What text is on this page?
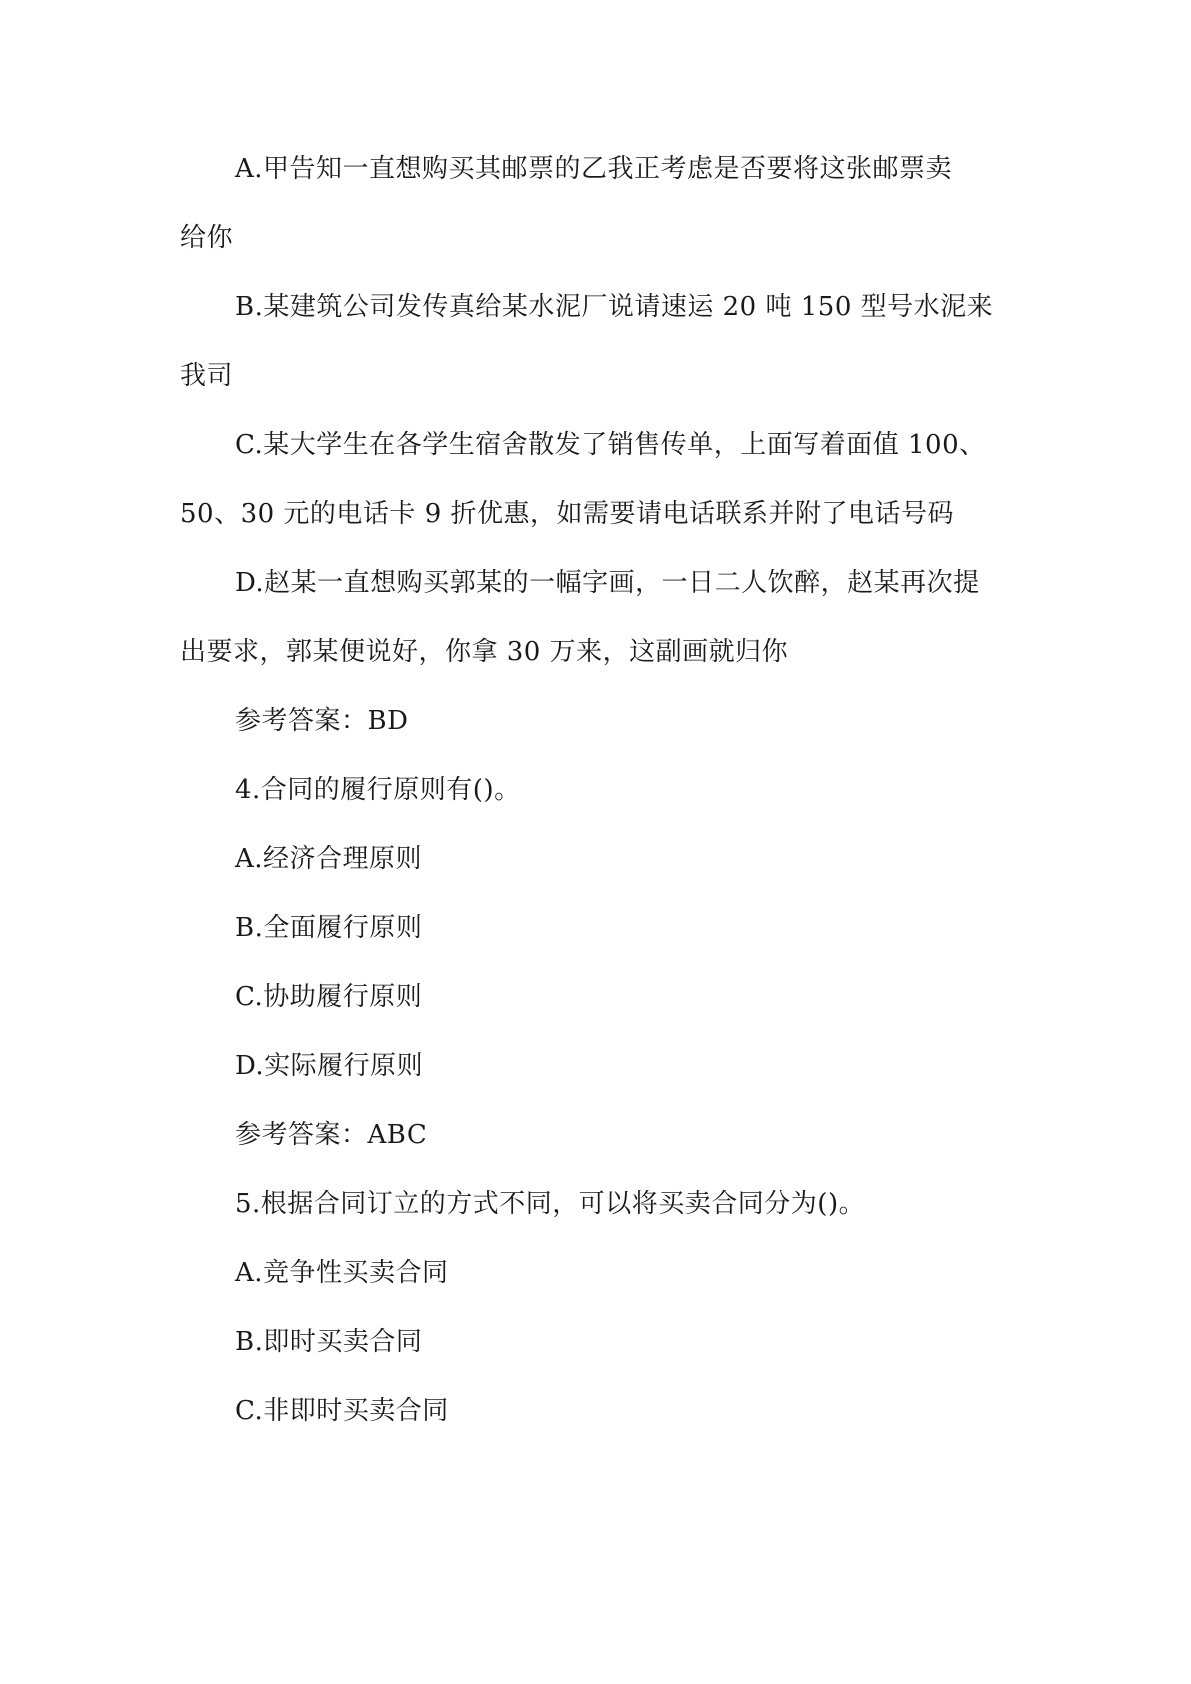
A.甲告知一直想购买其邮票的乙我正考虑是否要将这张邮票卖
给你
B.某建筑公司发传真给某水泥厂说请速运 20 吨 150 型号水泥来
我司
C.某大学生在各学生宿舍散发了销售传单，上面写着面值 100、
50、30 元的电话卡 9 折优惠，如需要请电话联系并附了电话号码
D.赵某一直想购买郭某的一幅字画，一日二人饮醉，赵某再次提
出要求，郭某便说好，你拿 30 万来，这副画就归你
参考答案：BD
4.合同的履行原则有()。
A.经济合理原则
B.全面履行原则
C.协助履行原则
D.实际履行原则
参考答案：ABC
5.根据合同订立的方式不同，可以将买卖合同分为()。
A.竞争性买卖合同
B.即时买卖合同
C.非即时买卖合同
